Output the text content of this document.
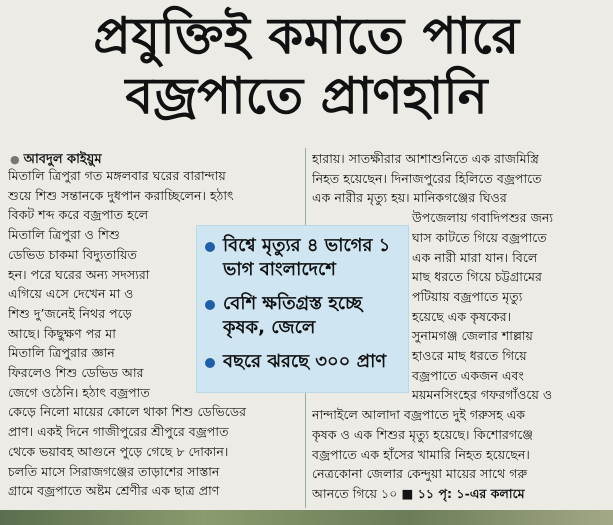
প্রযুক্তিই কমাতে পারে
বজ্রপাতে প্রাণহানি
● আবদুল কাইয়ুম
মিতালি ত্রিপুরা গত মঙ্গলবার ঘরের বারান্দায়
শুয়ে শিশু সন্তানকে দুধপান করাচ্ছিলেন। হঠাৎ
বিকট শব্দ করে বজ্রপাত হলে
মিতালি ত্রিপুরা ও শিশু
ডেভিড চাকমা বিদ্যুতায়িত
হন। পরে ঘরের অন্য সদস্যরা
এগিয়ে এসে দেখেন মা ও
শিশু দু’জনেই নিথর পড়ে
আছে। কিছুক্ষণ পর মা
মিতালি ত্রিপুরার জ্ঞান
ফিরলেও শিশু ডেভিড আর
জেগে ওঠেনি। হঠাৎ বজ্রপাত
কেড়ে নিলো মায়ের কোলে থাকা শিশু ডেভিডের
প্রাণ। একই দিনে গাজীপুরের শ্রীপুরে বজ্রপাত
থেকে ভয়াবহ আগুনে পুড়ে গেছে ৮ দোকান।
চলতি মাসে সিরাজগঞ্জের তাড়াশের সাস্তান
গ্রামে বজ্রপাতে অষ্টম শ্রেণীর এক ছাত্র প্রাণ
হারায়। সাতক্ষীরার আশাশুনিতে এক রাজমিস্ত্রি
নিহত হয়েছেন। দিনাজপুরের হিলিতে বজ্রপাতে
এক নারীর মৃত্যু হয়। মানিকগঞ্জের ঘিওর
উপজেলায় গবাদিপশুর জন্য
ঘাস কাটতে গিয়ে বজ্রপাতে
এক নারী মারা যান। বিলে
মাছ ধরতে গিয়ে চট্টগ্রামের
পটিয়ায় বজ্রপাতে মৃত্যু
হয়েছে এক কৃষকের।
সুনামগঞ্জ জেলার শাল্লায়
হাওরে মাছ ধরতে গিয়ে
বজ্রপাতে একজন এবং
ময়মনসিংহের গফরগাঁওয়ে ও
নান্দাইলে আলাদা বজ্রপাতে দুই গরুসহ এক
কৃষক ও এক শিশুর মৃত্যু হয়েছে। কিশোরগঞ্জে
বজ্রপাতে এক হাঁসের খামারি নিহত হয়েছেন।
নেত্রকোনা জেলার কেন্দুয়া মায়ের সাথে গরু
আনতে গিয়ে ১০ ■ ১১ পৃ: ১-এর কলামে
বিশ্বে মৃত্যুর ৪ ভাগের ১ ভাগ বাংলাদেশে
বেশি ক্ষতিগ্রস্ত হচ্ছে কৃষক, জেলে
বছরে ঝরছে ৩০০ প্রাণ
